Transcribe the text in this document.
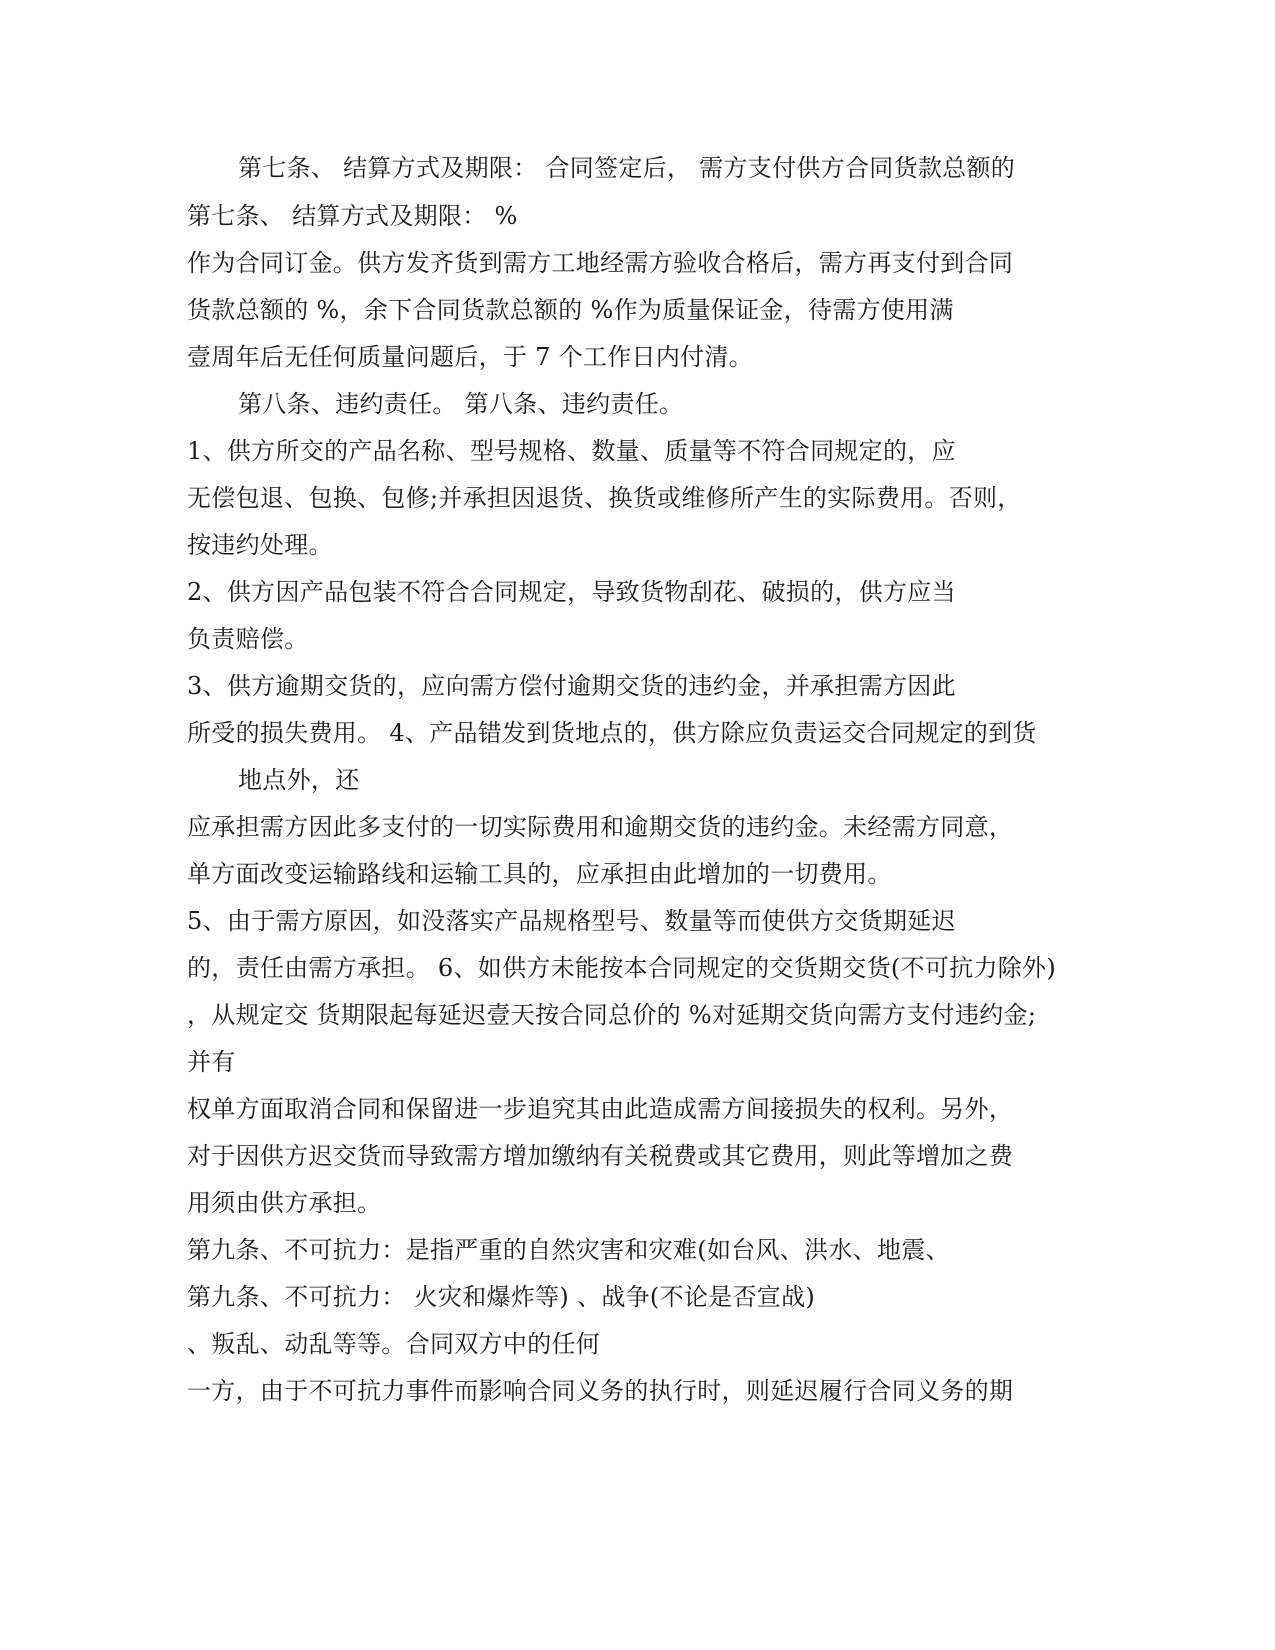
第七条、 结算方式及期限： 合同签定后， 需方支付供方合同货款总额的
第七条、 结算方式及期限： %
作为合同订金。供方发齐货到需方工地经需方验收合格后，需方再支付到合同
货款总额的 %，余下合同货款总额的 %作为质量保证金，待需方使用满
壹周年后无任何质量问题后，于 7 个工作日内付清。
第八条、违约责任。 第八条、违约责任。
1、供方所交的产品名称、型号规格、数量、质量等不符合同规定的，应
无偿包退、包换、包修;并承担因退货、换货或维修所产生的实际费用。否则，
按违约处理。
2、供方因产品包装不符合合同规定，导致货物刮花、破损的，供方应当
负责赔偿。
3、供方逾期交货的，应向需方偿付逾期交货的违约金，并承担需方因此
所受的损失费用。 4、产品错发到货地点的，供方除应负责运交合同规定的到货
地点外，还
应承担需方因此多支付的一切实际费用和逾期交货的违约金。未经需方同意，
单方面改变运输路线和运输工具的，应承担由此增加的一切费用。
5、由于需方原因，如没落实产品规格型号、数量等而使供方交货期延迟
的，责任由需方承担。 6、如供方未能按本合同规定的交货期交货(不可抗力除外)
，从规定交 货期限起每延迟壹天按合同总价的 %对延期交货向需方支付违约金;
并有
权单方面取消合同和保留进一步追究其由此造成需方间接损失的权利。另外，
对于因供方迟交货而导致需方增加缴纳有关税费或其它费用，则此等增加之费
用须由供方承担。
第九条、不可抗力：是指严重的自然灾害和灾难(如台风、洪水、地震、
第九条、不可抗力： 火灾和爆炸等) 、战争(不论是否宣战)
、叛乱、动乱等等。合同双方中的任何
一方，由于不可抗力事件而影响合同义务的执行时，则延迟履行合同义务的期
